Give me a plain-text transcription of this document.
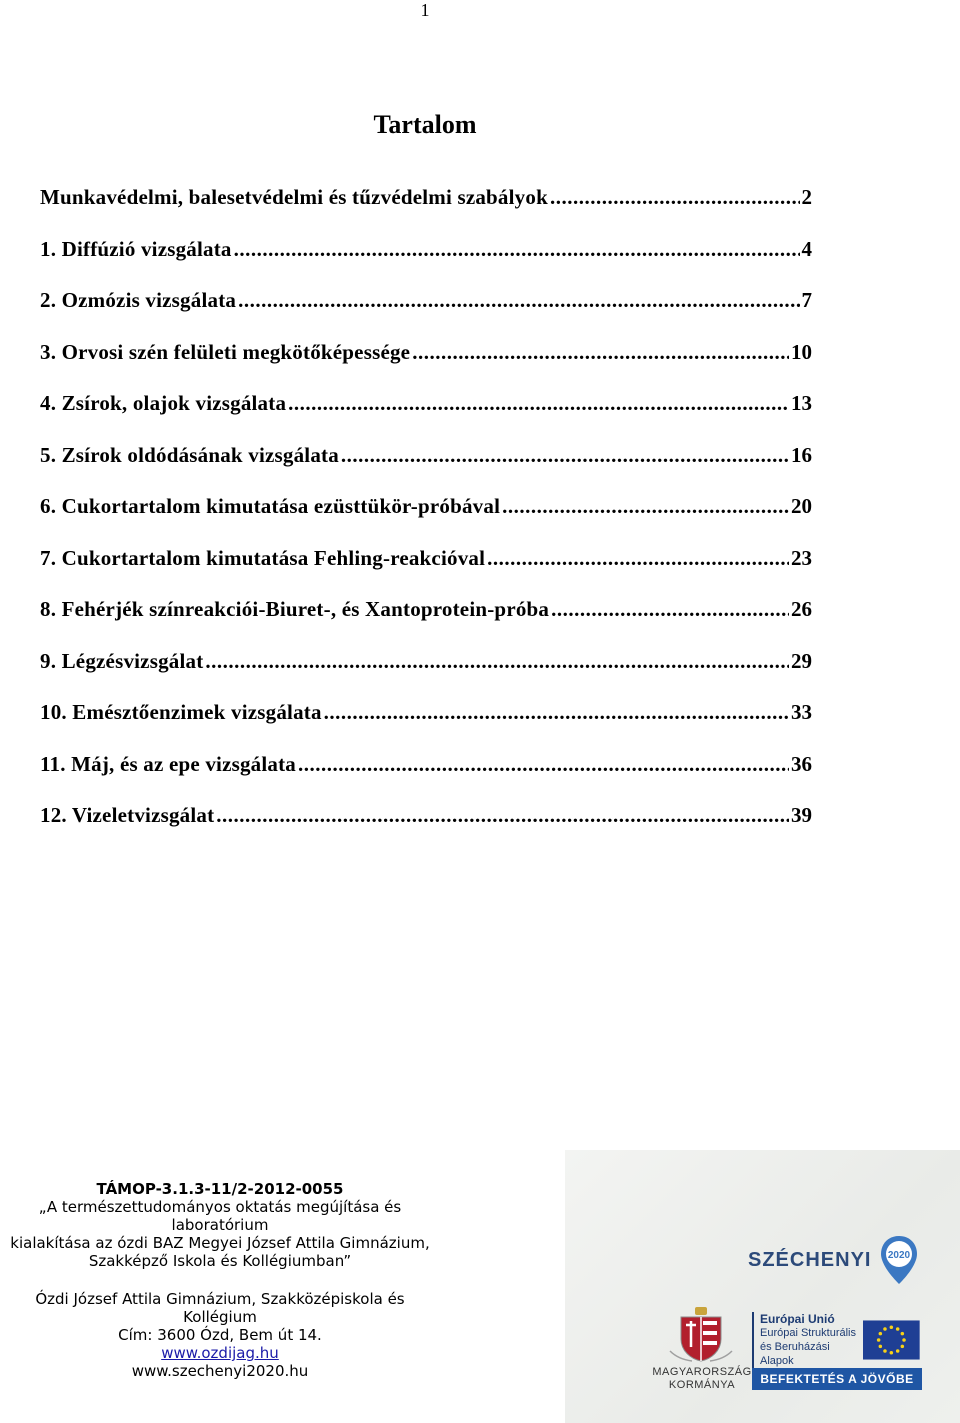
1
Tartalom
Munkavédelmi, balesetvédelmi és tűzvédelmi szabályok .....	2
1. Diffúzió vizsgálata .....	4
2. Ozmózis vizsgálata .....	7
3. Orvosi szén felületi megkötőképessége .....	10
4. Zsírok, olajok vizsgálata .....	13
5. Zsírok oldódásának vizsgálata .....	16
6. Cukortartalom kimutatása ezüsttükör-próbával .....	20
7. Cukortartalom kimutatása Fehling-reakcióval .....	23
8. Fehérjék színreakciói-Biuret-, és Xantoprotein-próba .....	26
9. Légzésvizsgálat .....	29
10. Emésztőenzimek vizsgálata .....	33
11. Máj, és az epe vizsgálata .....	36
12. Vizeletvizsgálat .....	39
TÁMOP-3.1.3-11/2-2012-0055
„A természettudományos oktatás megújítása és laboratórium
kialakítása az ózdi BAZ Megyei József Attila Gimnázium,
Szakképző Iskola és Kollégiumban”
Ózdi József Attila Gimnázium, Szakközépiskola és
Kollégium
Cím: 3600 Ózd, Bem út 14.
www.ozdijag.hu
www.szechenyi2020.hu
SZÉCHENYI 2020
MAGYARORSZÁG
KORMÁNYA
Európai Unió
Európai Strukturális
és Beruházási Alapok
BEFEKTETÉS A JÖVŐBE
